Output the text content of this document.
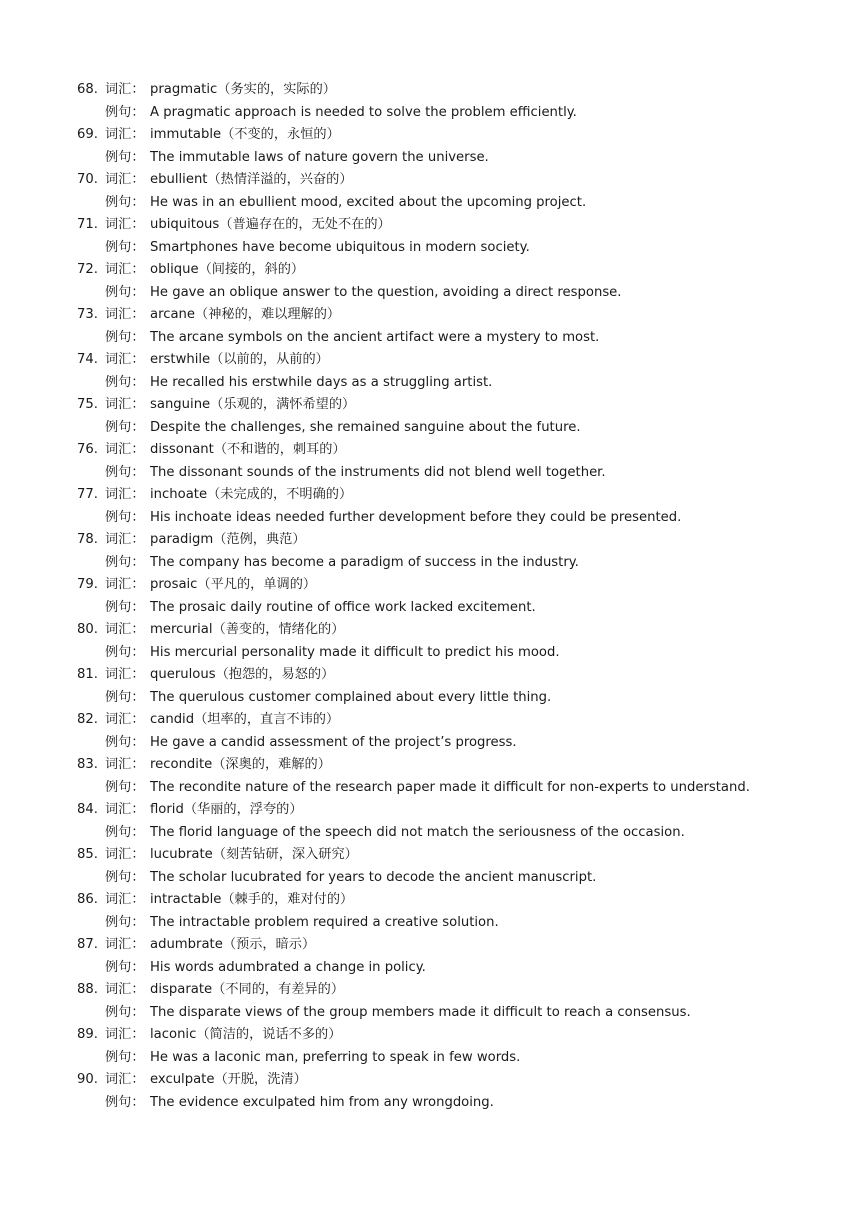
68. 词汇： pragmatic（务实的，实际的）
例句： A pragmatic approach is needed to solve the problem efficiently.
69. 词汇： immutable（不变的，永恒的）
例句： The immutable laws of nature govern the universe.
70. 词汇： ebullient（热情洋溢的，兴奋的）
例句： He was in an ebullient mood, excited about the upcoming project.
71. 词汇： ubiquitous（普遍存在的，无处不在的）
例句： Smartphones have become ubiquitous in modern society.
72. 词汇： oblique（间接的，斜的）
例句： He gave an oblique answer to the question, avoiding a direct response.
73. 词汇： arcane（神秘的，难以理解的）
例句： The arcane symbols on the ancient artifact were a mystery to most.
74. 词汇： erstwhile（以前的，从前的）
例句： He recalled his erstwhile days as a struggling artist.
75. 词汇： sanguine（乐观的，满怀希望的）
例句： Despite the challenges, she remained sanguine about the future.
76. 词汇： dissonant（不和谐的，刺耳的）
例句： The dissonant sounds of the instruments did not blend well together.
77. 词汇： inchoate（未完成的，不明确的）
例句： His inchoate ideas needed further development before they could be presented.
78. 词汇： paradigm（范例，典范）
例句： The company has become a paradigm of success in the industry.
79. 词汇： prosaic（平凡的，单调的）
例句： The prosaic daily routine of office work lacked excitement.
80. 词汇： mercurial（善变的，情绪化的）
例句： His mercurial personality made it difficult to predict his mood.
81. 词汇： querulous（抱怨的，易怒的）
例句： The querulous customer complained about every little thing.
82. 词汇： candid（坦率的，直言不讳的）
例句： He gave a candid assessment of the project’s progress.
83. 词汇： recondite（深奥的，难解的）
例句： The recondite nature of the research paper made it difficult for non-experts to understand.
84. 词汇： florid（华丽的，浮夸的）
例句： The florid language of the speech did not match the seriousness of the occasion.
85. 词汇： lucubrate（刻苦钻研，深入研究）
例句： The scholar lucubrated for years to decode the ancient manuscript.
86. 词汇： intractable（棘手的，难对付的）
例句： The intractable problem required a creative solution.
87. 词汇： adumbrate（预示，暗示）
例句： His words adumbrated a change in policy.
88. 词汇： disparate（不同的，有差异的）
例句： The disparate views of the group members made it difficult to reach a consensus.
89. 词汇： laconic（简洁的，说话不多的）
例句： He was a laconic man, preferring to speak in few words.
90. 词汇： exculpate（开脱，洗清）
例句： The evidence exculpated him from any wrongdoing.
